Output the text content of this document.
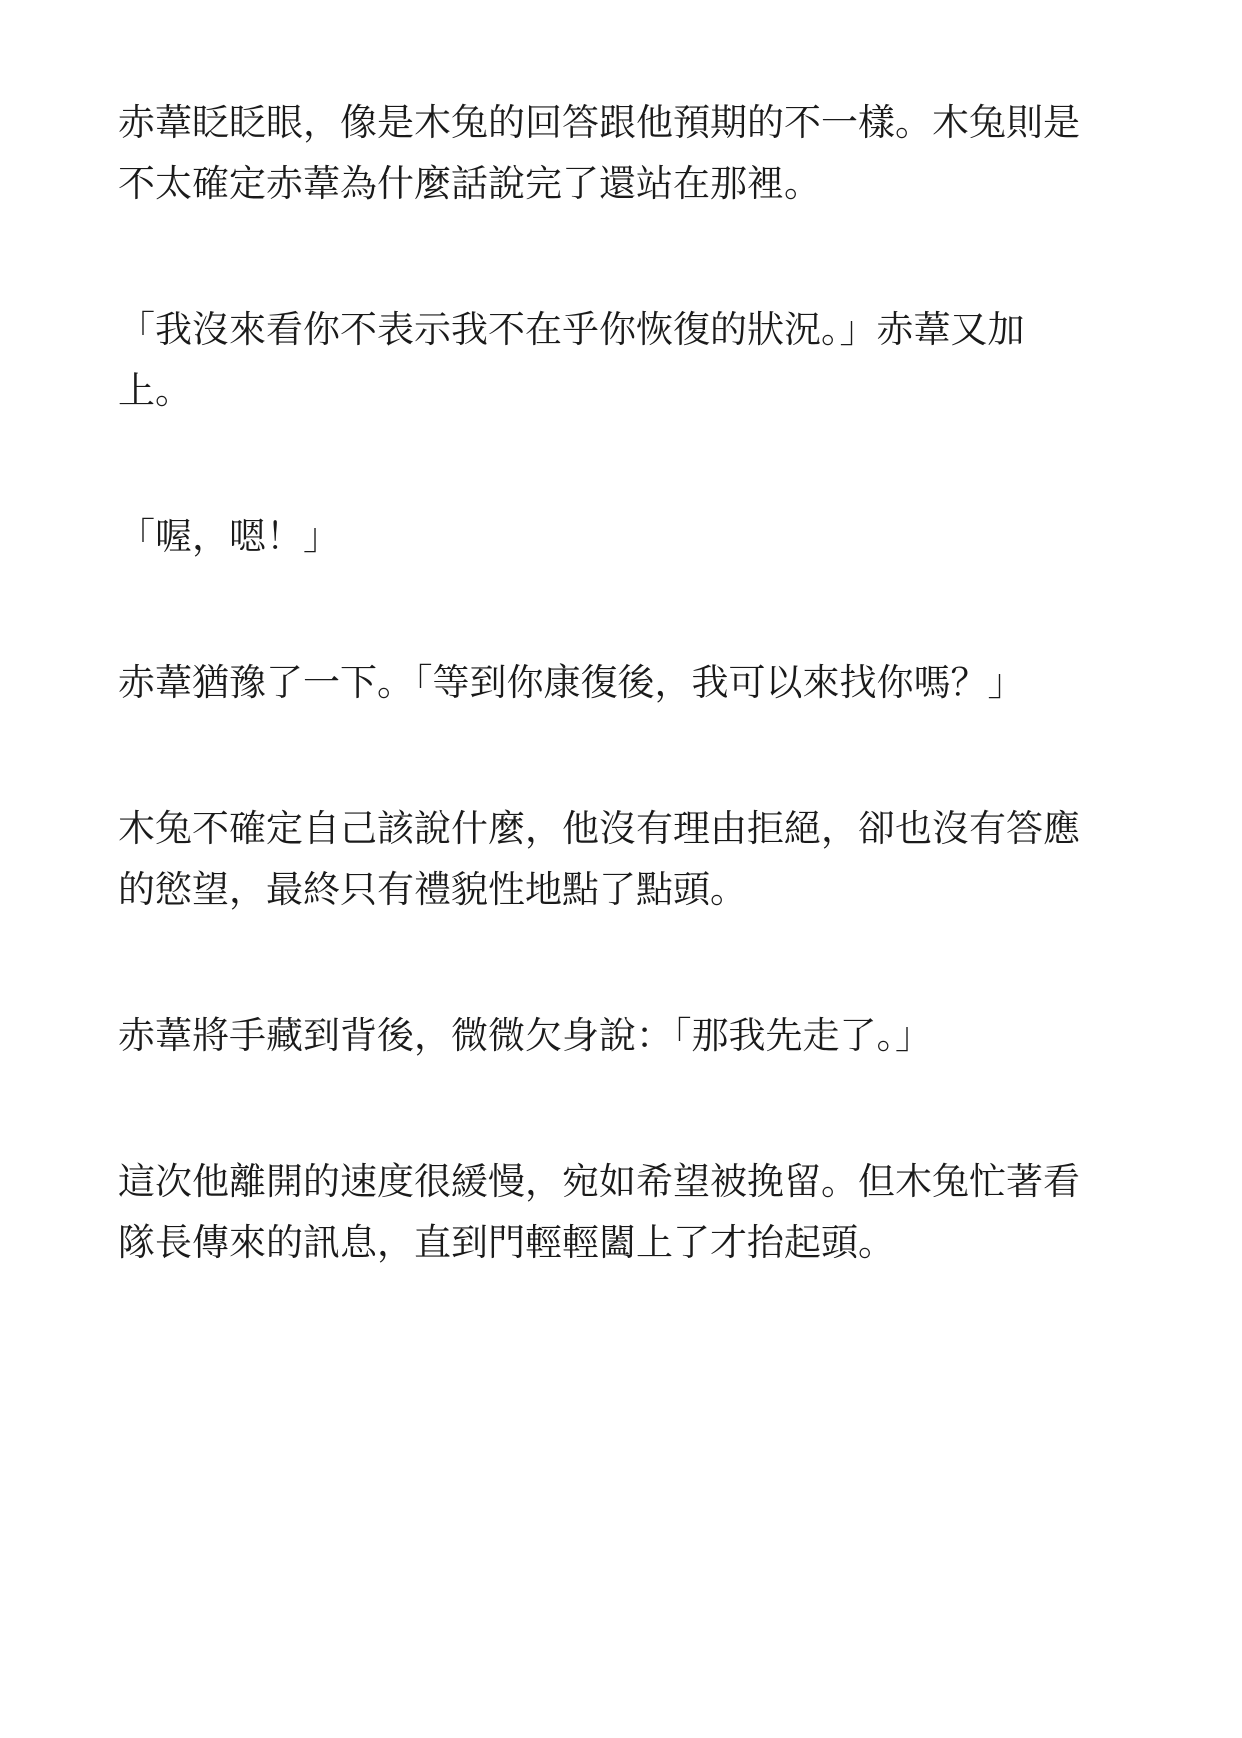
赤葦眨眨眼，像是木兔的回答跟他預期的不一樣。木兔則是
不太確定赤葦為什麼話說完了還站在那裡。

「我沒來看你不表示我不在乎你恢復的狀況。」赤葦又加
上。

「喔，嗯！」

赤葦猶豫了一下。「等到你康復後，我可以來找你嗎？」

木兔不確定自己該說什麼，他沒有理由拒絕，卻也沒有答應
的慾望，最終只有禮貌性地點了點頭。

赤葦將手藏到背後，微微欠身說：「那我先走了。」

這次他離開的速度很緩慢，宛如希望被挽留。但木兔忙著看
隊長傳來的訊息，直到門輕輕闔上了才抬起頭。
